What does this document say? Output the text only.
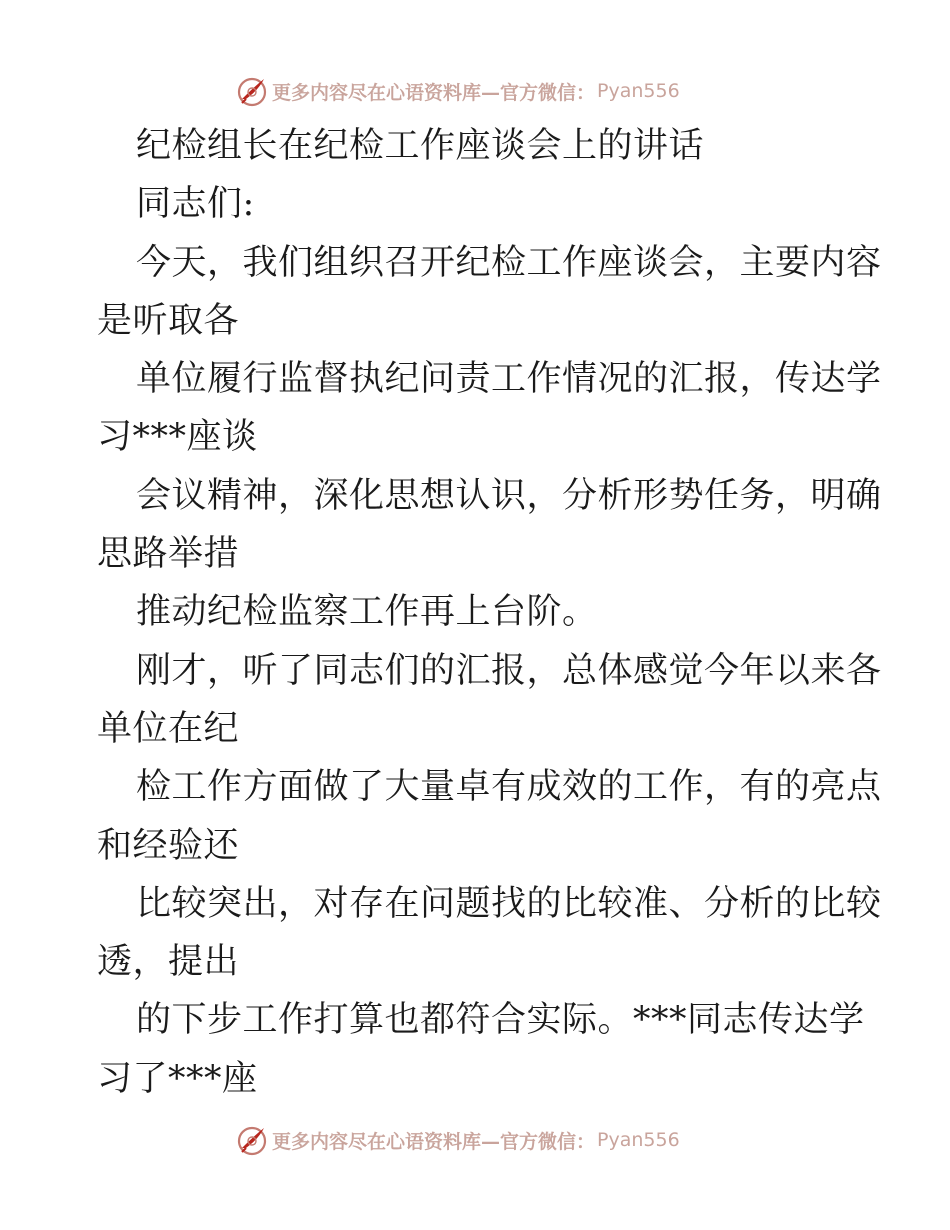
更多内容尽在心语资料库—官方微信： Pyan556
纪检组长在纪检工作座谈会上的讲话
同志们:
今天，我们组织召开纪检工作座谈会，主要内容
是听取各
单位履行监督执纪问责工作情况的汇报，传达学
习***座谈
会议精神，深化思想认识，分析形势任务，明确
思路举措
推动纪检监察工作再上台阶。
刚才，听了同志们的汇报，总体感觉今年以来各
单位在纪
检工作方面做了大量卓有成效的工作，有的亮点
和经验还
比较突出，对存在问题找的比较准、分析的比较
透，提出
的下步工作打算也都符合实际。***同志传达学
习了***座
更多内容尽在心语资料库—官方微信： Pyan556
